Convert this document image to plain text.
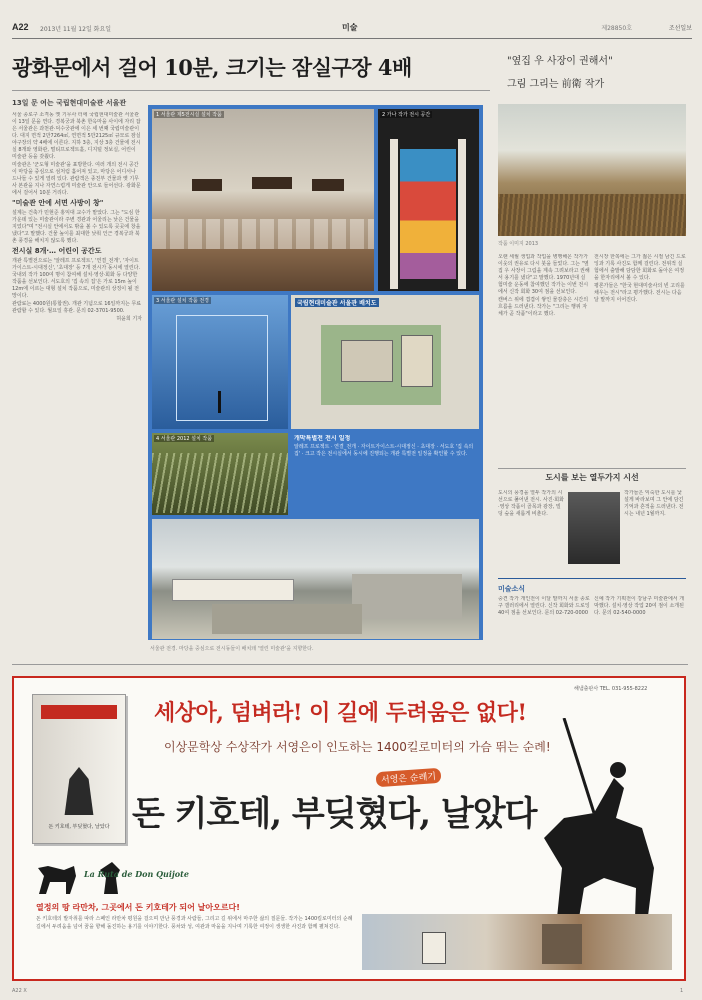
A22 2013년 11월 12일 화요일	미술	제28850호	조선일보
광화문에서 걸어 10분, 크기는 잠실구장 4배
13일 문 여는 국립현대미술관 서울관

서울 종로구 소격동 옛 기무사 터에 국립현대미술관 서울관이 13일 문을 연다. 경복궁과 북촌 한옥마을 사이에 자리 잡은 서울관은 과천관·덕수궁관에 이은 세 번째 국립미술관이다. 대지 면적 2만7264㎡, 연면적 5만2125㎡ 규모로 잠실야구장의 약 4배에 이른다. 지하 3층, 지상 3층 건물에 전시실 8개와 영화관, 멀티프로젝트홀, 디지털 정보실, 어린이 미술관 등을 갖췄다.

미술관은 '군도형 미술관'을 표방한다. 여러 개의 전시 공간이 마당을 중심으로 섬처럼 흩어져 있고, 마당은 어디서나 드나들 수 있게 열려 있다. 관람객은 종친부 건물과 옛 기무사 본관을 지나 자연스럽게 미술관 안으로 들어선다. 광화문에서 걸어서 10분 거리다.

"미술관 안에 서면 사방이 창"

설계는 건축가 민현준 홍익대 교수가 맡았다. 그는 "도심 한가운데 있는 미술관이라 주변 경관과 어울리는 낮은 건물을 지었다"며 "전시실 안에서도 밖을 볼 수 있도록 곳곳에 창을 냈다"고 말했다. 건물 높이를 최대한 낮춰 인근 경복궁과 북촌 풍경을 해치지 않도록 했다.

전시실 8개·… 어린이 공간도

개관 특별전으로는 '알레프 프로젝트', '연결_전개', '자이트가이스트-시대정신', '초대장' 등 7개 전시가 동시에 열린다. 국내외 작가 100여 명이 참여해 설치·영상·회화 등 다양한 작품을 선보인다. 서도호의 '집 속의 집'은 가로 15m 높이 12m에 이르는 대형 설치 작품으로, 미술관의 상징이 될 전망이다.

관람료는 4000원(통합권). 개관 기념으로 16일까지는 무료 관람할 수 있다. 월요일 휴관. 문의 02-3701-9500.

허윤희 기자

1 서울관 제5전시실 설치 작품	2 가나 작가 전시 공간
3 서울관 설치 작품 전경	국립현대미술관 서울관 배치도
4 서울관 2012 설치 작품	개막특별전 전시 일정

알레프 프로젝트 · 연결_전개 · 자이트가이스트-시대정신 · 초대장 · 서도호 '집 속의 집' · 크고 작은 전시실에서 동시에 진행되는 개관 특별전 일정을 확인할 수 있다.

서울관 전경. 마당을 중심으로 전시동들이 배치돼 '열린 미술관'을 지향한다.
"옆집 우 사장이 권해서"
그림 그리는 前衛 작가
작품 이미지 2013

오랜 세월 생업과 작업을 병행해온 작가가 이웃의 권유로 다시 붓을 들었다. 그는 "옆집 우 사장이 그림을 계속 그려보라고 권해서 용기를 냈다"고 말했다. 1970년대 실험미술 운동에 참여했던 작가는 이번 전시에서 신작 회화 30여 점을 선보인다.

캔버스 위에 겹겹이 쌓인 물감층은 시간의 흐름을 드러낸다. 작가는 "그리는 행위 자체가 곧 작품"이라고 했다.

전시장 한쪽에는 그가 젊은 시절 남긴 드로잉과 기록 사진도 함께 걸린다. 전위적 실험에서 출발해 담담한 회화로 돌아온 여정을 한자리에서 볼 수 있다.

평론가들은 "한국 현대미술사의 빈 고리를 채우는 전시"라고 평가했다. 전시는 다음 달 말까지 이어진다.

도시를 보는 열두가지 시선

도시의 풍경을 열두 작가의 시선으로 풀어낸 전시. 사진·회화·영상 작품이 골목과 광장, 빌딩 숲을 새롭게 비춘다.

작가들은 익숙한 도시를 낯설게 바라보며 그 안에 담긴 기억과 흔적을 드러낸다. 전시는 내년 1월까지.

미술소식

중견 작가 개인전이 이달 말까지 서울 종로구 갤러리에서 열린다. 신작 회화와 드로잉 40여 점을 선보인다. 문의 02-720-0000

신예 작가 기획전이 강남구 미술관에서 개막했다. 설치·영상 작업 20여 점이 소개된다. 문의 02-540-0000

돈 키호테, 부딪혔다, 날았다
세상아, 덤벼라! 이 길에 두려움은 없다!
이상문학상 수상작가 서영은이 인도하는 1400킬로미터의 가슴 뛰는 순례!
서영은 순례기
돈 키호테, 부딪혔다, 날았다
La Ruta de Don Quijote
열정의 땅 라만차, 그곳에서 돈 키호테가 되어 날아오르다!
돈 키호테의 발자취를 따라 스페인 라만차 평원을 걸으며 만난 풍경과 사람들, 그리고 길 위에서 마주한 삶의 질문들. 작가는 1400킬로미터의 순례길에서 두려움을 넘어 꿈을 향해 돌진하는 용기를 이야기한다. 풍차와 성, 여관과 마을을 지나며 기록한 여정이 생생한 사진과 함께 펼쳐진다.
해냄출판사 TEL. 031-955-8222
A22 X	1
